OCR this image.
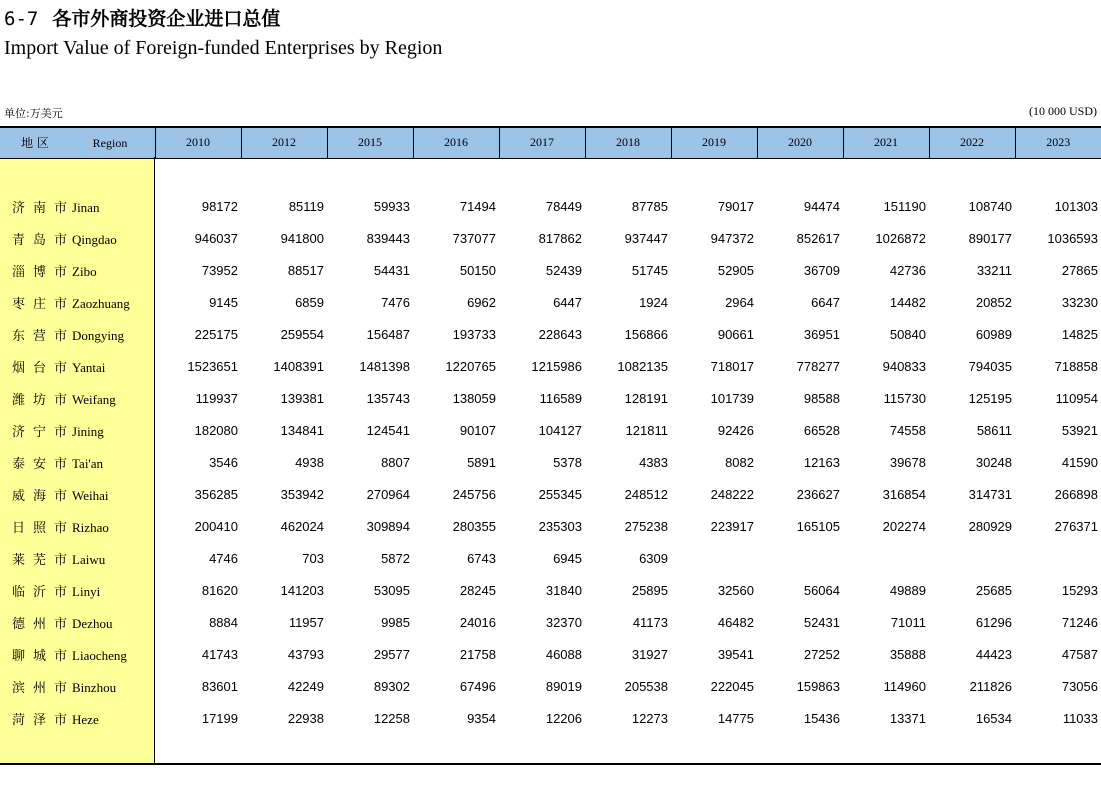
6-7 各市外商投资企业进口总值
Import Value of Foreign-funded Enterprises by Region
单位:万美元	(10 000 USD)
地 区 Region	2010	2012	2015	2016	2017	2018	2019	2020	2021	2022	2023

济南市Jinan	98172	85119	59933	71494	78449	87785	79017	94474	151190	108740	101303
青岛市Qingdao	946037	941800	839443	737077	817862	937447	947372	852617	1026872	890177	1036593
淄博市Zibo	73952	88517	54431	50150	52439	51745	52905	36709	42736	33211	27865
枣庄市Zaozhuang	9145	6859	7476	6962	6447	1924	2964	6647	14482	20852	33230
东营市Dongying	225175	259554	156487	193733	228643	156866	90661	36951	50840	60989	14825
烟台市Yantai	1523651	1408391	1481398	1220765	1215986	1082135	718017	778277	940833	794035	718858
潍坊市Weifang	119937	139381	135743	138059	116589	128191	101739	98588	115730	125195	110954
济宁市Jining	182080	134841	124541	90107	104127	121811	92426	66528	74558	58611	53921
泰安市Tai'an	3546	4938	8807	5891	5378	4383	8082	12163	39678	30248	41590
威海市Weihai	356285	353942	270964	245756	255345	248512	248222	236627	316854	314731	266898
日照市Rizhao	200410	462024	309894	280355	235303	275238	223917	165105	202274	280929	276371
莱芜市Laiwu	4746	703	5872	6743	6945	6309					
临沂市Linyi	81620	141203	53095	28245	31840	25895	32560	56064	49889	25685	15293
德州市Dezhou	8884	11957	9985	24016	32370	41173	46482	52431	71011	61296	71246
聊城市Liaocheng	41743	43793	29577	21758	46088	31927	39541	27252	35888	44423	47587
滨州市Binzhou	83601	42249	89302	67496	89019	205538	222045	159863	114960	211826	73056
菏泽市Heze	17199	22938	12258	9354	12206	12273	14775	15436	13371	16534	11033
